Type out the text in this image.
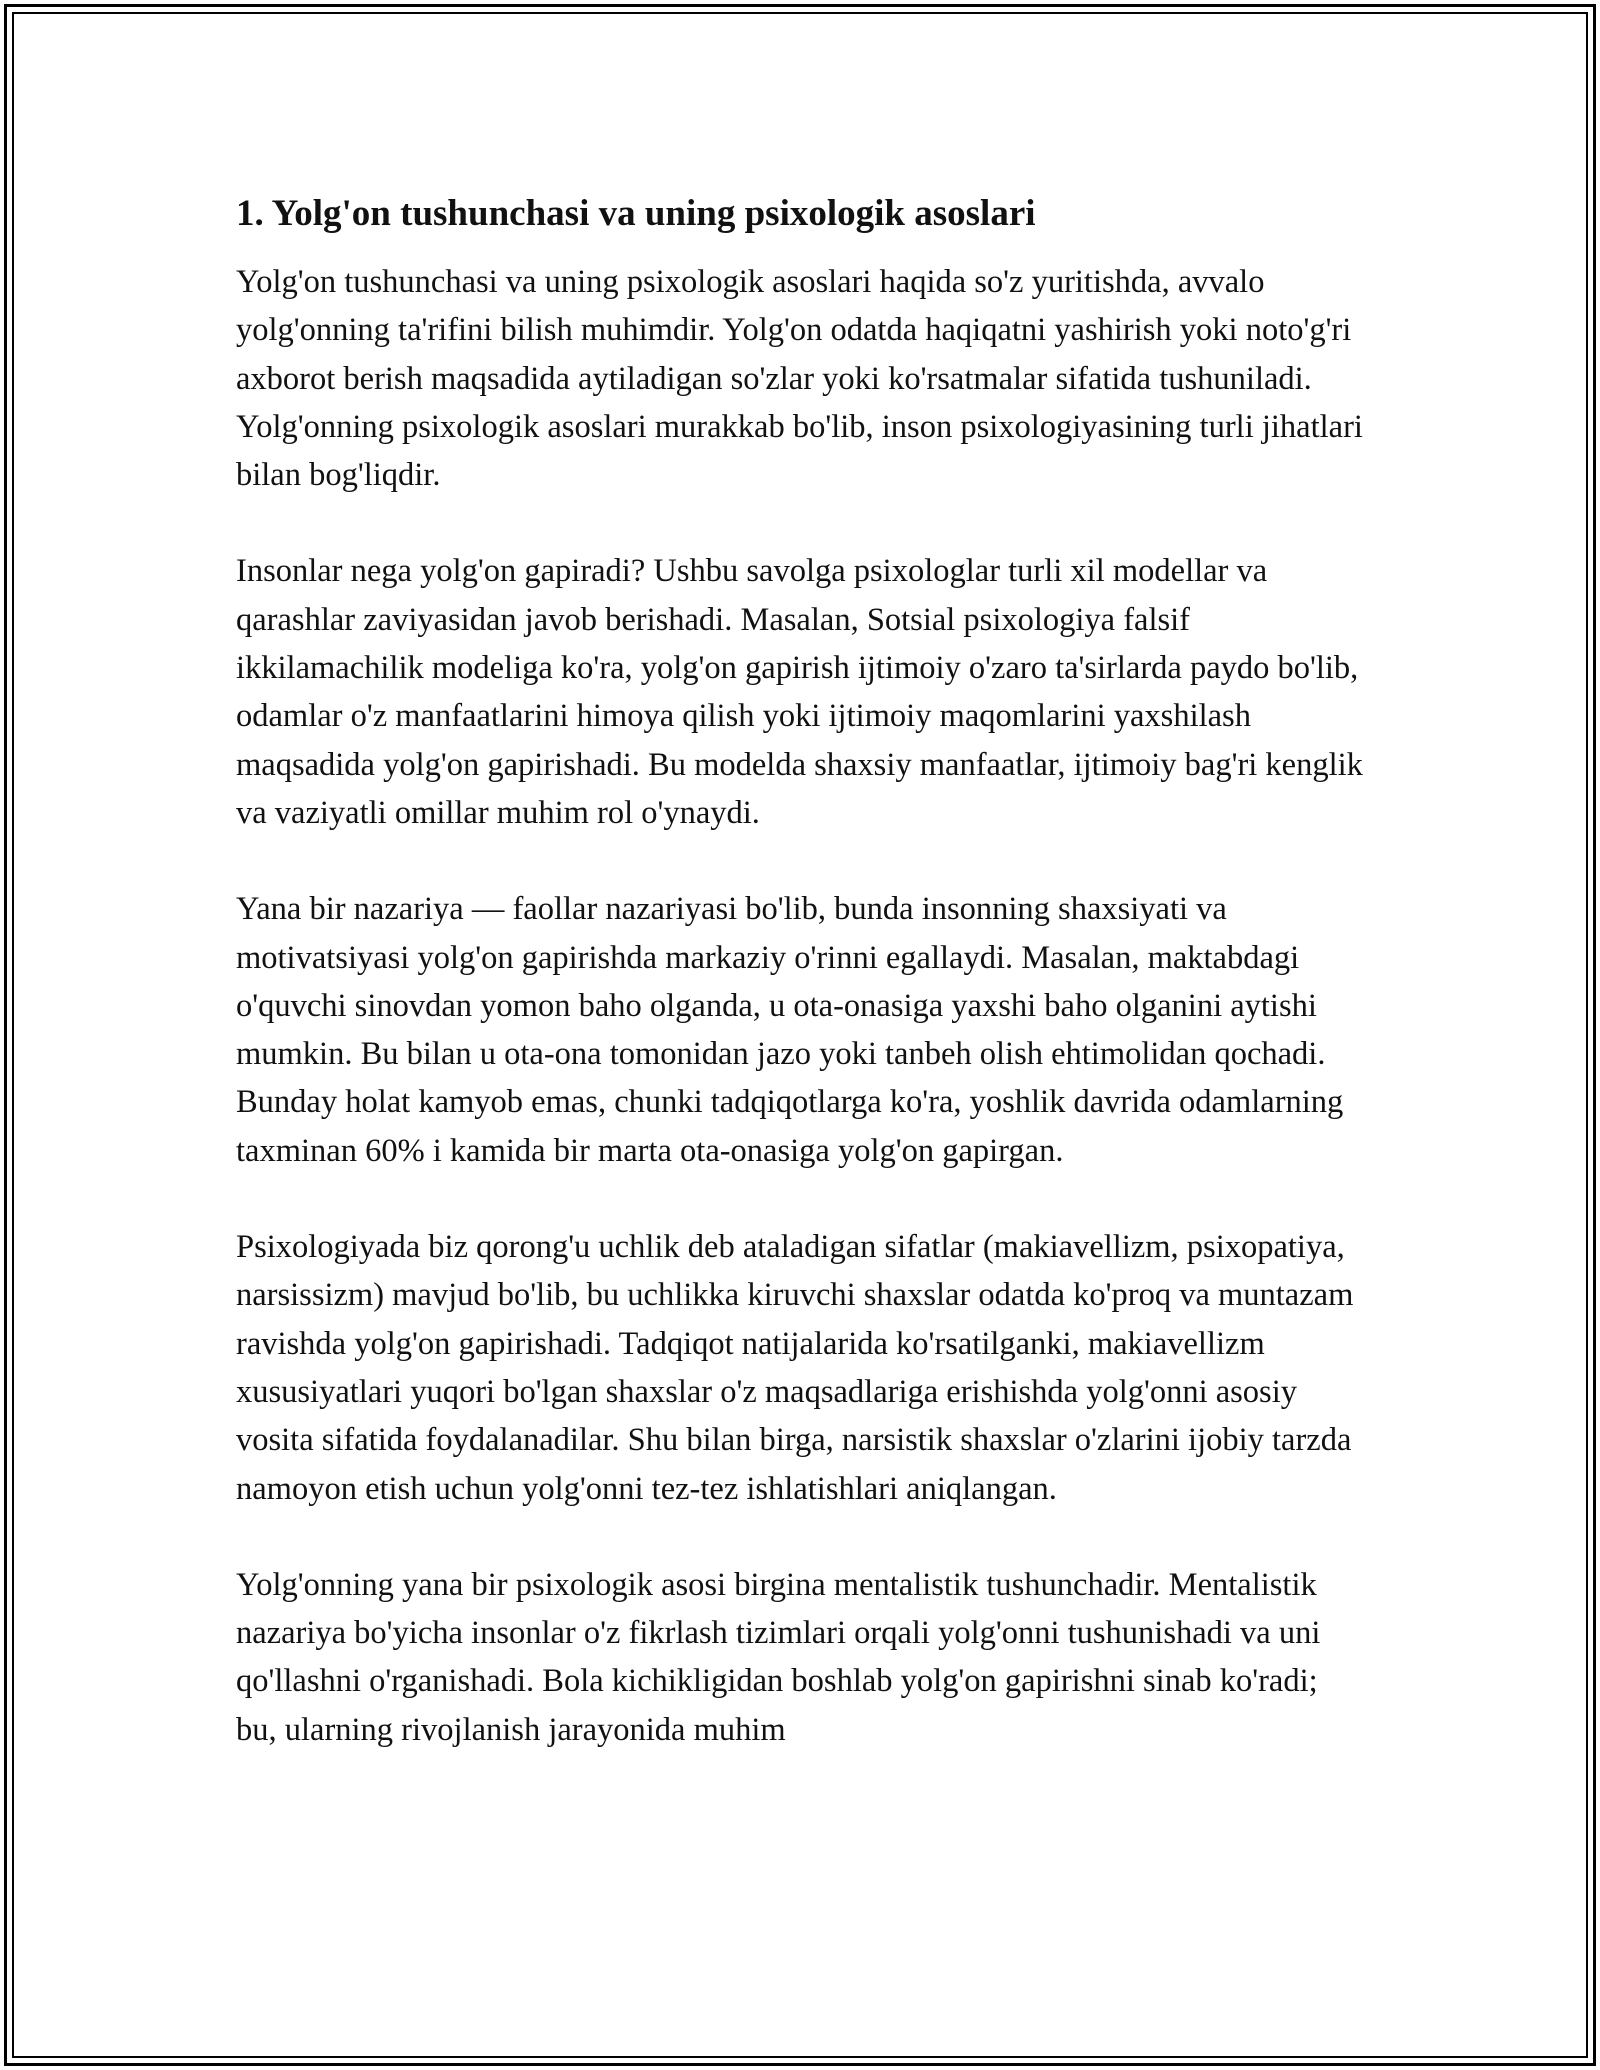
1. Yolg'on tushunchasi va uning psixologik asoslari

Yolg'on tushunchasi va uning psixologik asoslari haqida so'z yuritishda, avvalo yolg'onning ta'rifini bilish muhimdir. Yolg'on odatda haqiqatni yashirish yoki noto'g'ri axborot berish maqsadida aytiladigan so'zlar yoki ko'rsatmalar sifatida tushuniladi. Yolg'onning psixologik asoslari murakkab bo'lib, inson psixologiyasining turli jihatlari bilan bog'liqdir.

Insonlar nega yolg'on gapiradi? Ushbu savolga psixologlar turli xil modellar va qarashlar zaviyasidan javob berishadi. Masalan, Sotsial psixologiya falsif ikkilamachilik modeliga ko'ra, yolg'on gapirish ijtimoiy o'zaro ta'sirlarda paydo bo'lib, odamlar o'z manfaatlarini himoya qilish yoki ijtimoiy maqomlarini yaxshilash maqsadida yolg'on gapirishadi. Bu modelda shaxsiy manfaatlar, ijtimoiy bag'ri kenglik va vaziyatli omillar muhim rol o'ynaydi.

Yana bir nazariya — faollar nazariyasi bo'lib, bunda insonning shaxsiyati va motivatsiyasi yolg'on gapirishda markaziy o'rinni egallaydi. Masalan, maktabdagi o'quvchi sinovdan yomon baho olganda, u ota-onasiga yaxshi baho olganini aytishi mumkin. Bu bilan u ota-ona tomonidan jazo yoki tanbeh olish ehtimolidan qochadi. Bunday holat kamyob emas, chunki tadqiqotlarga ko'ra, yoshlik davrida odamlarning taxminan 60% i kamida bir marta ota-onasiga yolg'on gapirgan.

Psixologiyada biz qorong'u uchlik deb ataladigan sifatlar (makiavellizm, psixopatiya, narsissizm) mavjud bo'lib, bu uchlikka kiruvchi shaxslar odatda ko'proq va muntazam ravishda yolg'on gapirishadi. Tadqiqot natijalarida ko'rsatilganki, makiavellizm xususiyatlari yuqori bo'lgan shaxslar o'z maqsadlariga erishishda yolg'onni asosiy vosita sifatida foydalanadilar. Shu bilan birga, narsistik shaxslar o'zlarini ijobiy tarzda namoyon etish uchun yolg'onni tez-tez ishlatishlari aniqlangan.

Yolg'onning yana bir psixologik asosi birgina mentalistik tushunchadir. Mentalistik nazariya bo'yicha insonlar o'z fikrlash tizimlari orqali yolg'onni tushunishadi va uni qo'llashni o'rganishadi. Bola kichikligidan boshlab yolg'on gapirishni sinab ko'radi; bu, ularning rivojlanish jarayonida muhim
